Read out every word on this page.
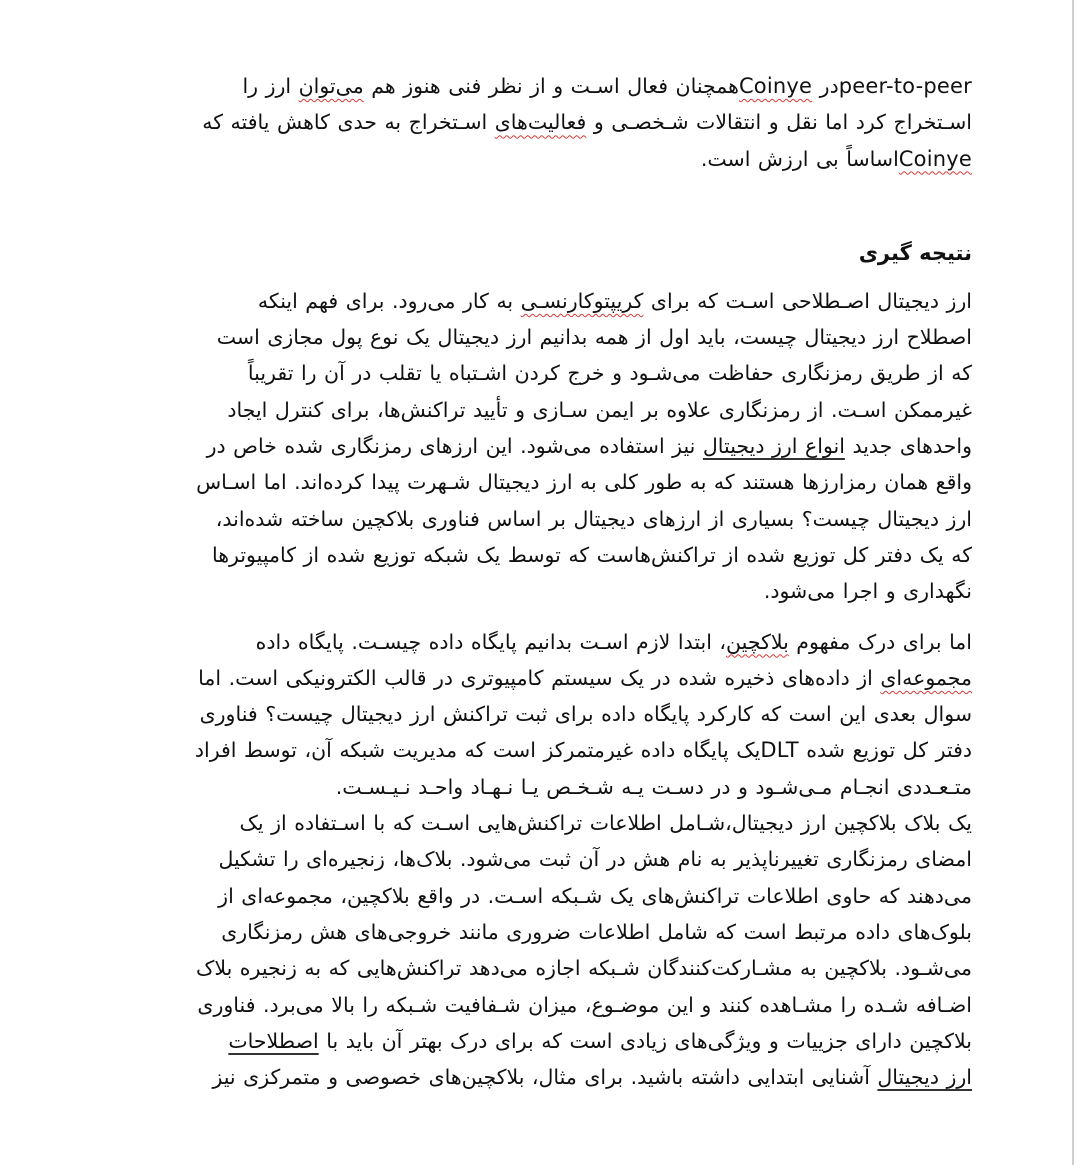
peer-to-peerدر Coinyeهمچنان فعال اسـت و از نظر فنی هنوز هم می‌توان ارز را
اسـتخراج کرد اما نقل و انتقالات شـخصـی و فعالیت‌های اسـتخراج به حدی کاهش یافته که
Coinyeاساساً بی ارزش است.

نتیجه گیری

ارز دیجیتال اصـطلاحی اسـت که برای کریپتوکارنسـی به کار می‌رود. برای فهم اینکه
اصطلاح ارز دیجیتال چیست، باید اول از همه بدانیم ارز دیجیتال یک نوع پول مجازی است
که از طریق رمزنگاری حفاظت می‌شـود و خرج کردن اشـتباه یا تقلب در آن را تقریباً
غیرممکن اسـت. از رمزنگاری علاوه بر ایمن سـازی و تأیید تراکنش‌ها، برای کنترل ایجاد
واحدهای جدید انواع ارز دیجیتال نیز استفاده می‌شود. این ارزهای رمزنگاری شده خاص در
واقع همان رمزارزها هستند که به طور کلی به ارز دیجیتال شـهرت پیدا کرده‌اند. اما اسـاس
ارز دیجیتال چیست؟ بسیاری از ارزهای دیجیتال بر اساس فناوری بلاکچین ساخته شده‌اند،
که یک دفتر کل توزیع شده از تراکنش‌هاست که توسط یک شبکه توزیع شده از کامپیوترها
نگهداری و اجرا می‌شود.

اما برای درک مفهوم بلاکچین، ابتدا لازم اسـت بدانیم پایگاه داده چیسـت. پایگاه داده
مجموعه‌ای از داده‌های ذخیره شده در یک سیستم کامپیوتری در قالب الکترونیکی است. اما
سوال بعدی این است که کارکرد پایگاه داده برای ثبت تراکنش ارز دیجیتال چیست؟ فناوری
دفتر کل توزیع شده DLTیک پایگاه داده غیرمتمرکز است که مدیریت شبکه آن، توسط افراد
متـعـددی انجـام مـی‌شـود و در دسـت یـه شـخـص یـا نـهـاد واحـد نـیـسـت.
یک بلاک بلاکچین ارز دیجیتال،شـامل اطلاعات تراکنش‌هایی اسـت که با اسـتفاده از یک
امضای رمزنگاری تغییرناپذیر به نام هش در آن ثبت می‌شود. بلاک‌ها، زنجیره‌ای را تشکیل
می‌دهند که حاوی اطلاعات تراکنش‌های یک شـبکه اسـت. در واقع بلاکچین، مجموعه‌ای از
بلوک‌های داده مرتبط است که شامل اطلاعات ضروری مانند خروجی‌های هش رمزنگاری
می‌شـود. بلاکچین به مشـارکت‌کنندگان شـبکه اجازه می‌دهد تراکنش‌هایی که به زنجیره بلاک
اضـافه شـده را مشـاهده کنند و این موضـوع، میزان شـفافیت شـبکه را بالا می‌برد. فناوری
بلاکچین دارای جزییات و ویژگی‌های زیادی است که برای درک بهتر آن باید با اصطلاحات
ارز دیجیتال آشنایی ابتدایی داشته باشید. برای مثال، بلاکچین‌های خصوصی و متمرکزی نیز
